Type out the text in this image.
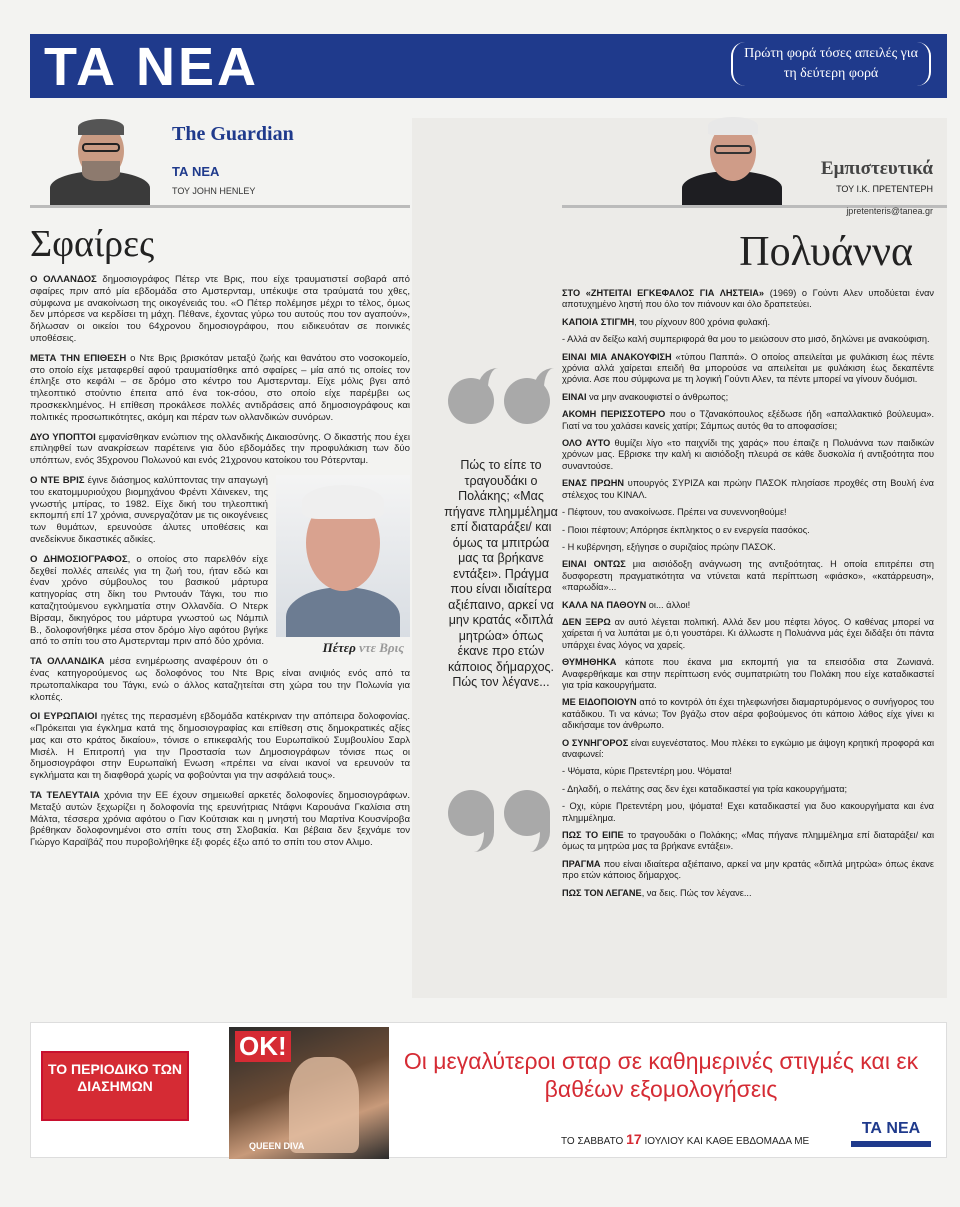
ΤΑ ΝΕΑ	Πρώτη φορά τόσες απειλές για τη δεύτερη φορά
The Guardian
ΤΑ ΝΕΑ
ΤΟΥ JOHN HENLEY
Σφαίρες

Ο ΟΛΛΑΝΔΟΣ δημοσιογράφος Πέτερ ντε Βρις, που είχε τραυματιστεί σοβαρά από σφαίρες πριν από μία εβδομάδα στο Αμστερνταμ, υπέκυψε στα τραύματά του χθες, σύμφωνα με ανακοίνωση της οικογένειάς του. «Ο Πέτερ πολέμησε μέχρι το τέλος, όμως δεν μπόρεσε να κερδίσει τη μάχη. Πέθανε, έχοντας γύρω του αυτούς που τον αγαπούν», δήλωσαν οι οικείοι του 64χρονου δημοσιογράφου, που ειδικευόταν σε ποινικές υποθέσεις.

ΜΕΤΑ ΤΗΝ ΕΠΙΘΕΣΗ ο Ντε Βρις βρισκόταν μεταξύ ζωής και θανάτου στο νοσοκομείο, στο οποίο είχε μεταφερθεί αφού τραυματίσθηκε από σφαίρες – μία από τις οποίες τον έπληξε στο κεφάλι – σε δρόμο στο κέντρο του Αμστερνταμ. Είχε μόλις βγει από τηλεοπτικό στούντιο έπειτα από ένα τοκ-σόου, στο οποίο είχε παρέμβει ως προσκεκλημένος. Η επίθεση προκάλεσε πολλές αντιδράσεις από δημοσιογράφους και πολιτικές προσωπικότητες, ακόμη και πέραν των ολλανδικών συνόρων.

ΔΥΟ ΥΠΟΠΤΟΙ εμφανίσθηκαν ενώπιον της ολλανδικής Δικαιοσύνης. Ο δικαστής που έχει επιληφθεί των ανακρίσεων παρέτεινε για δύο εβδομάδες την προφυλάκιση των δύο υπόπτων, ενός 35χρονου Πολωνού και ενός 21χρονου κατοίκου του Ρότερνταμ.

Πέτερ ντε Βρις

Ο ΝΤΕ ΒΡΙΣ έγινε διάσημος καλύπτοντας την απαγωγή του εκατομμυριούχου βιομηχάνου Φρέντι Χάινεκεν, της γνωστής μπίρας, το 1982. Είχε δική του τηλεοπτική εκπομπή επί 17 χρόνια, συνεργαζόταν με τις οικογένειες των θυμάτων, ερευνούσε άλυτες υποθέσεις και ανεδείκνυε δικαστικές αδικίες.

Ο ΔΗΜΟΣΙΟΓΡΑΦΟΣ, ο οποίος στο παρελθόν είχε δεχθεί πολλές απειλές για τη ζωή του, ήταν εδώ και έναν χρόνο σύμβουλος του βασικού μάρτυρα κατηγορίας στη δίκη του Ριντουάν Τάγκι, του πιο καταζητούμενου εγκληματία στην Ολλανδία. Ο Ντερκ Βίρσαμ, δικηγόρος του μάρτυρα γνωστού ως Νάμπιλ Β., δολοφονήθηκε μέσα στον δρόμο λίγο αφότου βγήκε από το σπίτι του στο Αμστερνταμ πριν από δύο χρόνια.

ΤΑ ΟΛΛΑΝΔΙΚΑ μέσα ενημέρωσης αναφέρουν ότι ο ένας κατηγορούμενος ως δολοφόνος του Ντε Βρις είναι ανιψιός ενός από τα πρωτοπαλίκαρα του Τάγκι, ενώ ο άλλος καταζητείται στη χώρα του την Πολωνία για κλοπές.

ΟΙ ΕΥΡΩΠΑΙΟΙ ηγέτες της περασμένη εβδομάδα κατέκριναν την απόπειρα δολοφονίας. «Πρόκειται για έγκλημα κατά της δημοσιογραφίας και επίθεση στις δημοκρατικές αξίες μας και στο κράτος δικαίου», τόνισε ο επικεφαλής του Ευρωπαϊκού Συμβουλίου Σαρλ Μισέλ. Η Επιτροπή για την Προστασία των Δημοσιογράφων τόνισε πως οι δημοσιογράφοι στην Ευρωπαϊκή Ενωση «πρέπει να είναι ικανοί να ερευνούν τα εγκλήματα και τη διαφθορά χωρίς να φοβούνται για την ασφάλειά τους».

ΤΑ ΤΕΛΕΥΤΑΙΑ χρόνια την ΕΕ έχουν σημειωθεί αρκετές δολοφονίες δημοσιογράφων. Μεταξύ αυτών ξεχωρίζει η δολοφονία της ερευνήτριας Ντάφνι Καρουάνα Γκαλίσια στη Μάλτα, τέσσερα χρόνια αφότου ο Γιαν Κούτσιακ και η μνηστή του Μαρτίνα Κουσνίρoβα βρέθηκαν δολοφονημένοι στο σπίτι τους στη Σλοβακία. Και βέβαια δεν ξεχνάμε τον Γιώργο Καραϊβάζ που πυροβολήθηκε έξι φορές έξω από το σπίτι του στον Αλιμο.

Εμπιστευτικά
ΤΟΥ Ι.Κ. ΠΡΕΤΕΝΤΕΡΗ
jpretenteris@tanea.gr
Πολυάννα
Πώς το είπε το τραγουδάκι ο Πολάκης; «Μας πήγανε πλημμέλημα επί διαταράξει/ και όμως τα μπιτρώα μας τα βρήκανε εντάξει». Πράγμα που είναι ιδιαίτερα αξιέπαινο, αρκεί να μην κρατάς «διπλά μητρώα» όπως έκανε προ ετών κάποιος δήμαρχος. Πώς τον λέγανε...

ΣΤΟ «ΖΗΤΕΙΤΑΙ ΕΓΚΕΦΑΛΟΣ ΓΙΑ ΛΗΣΤΕΙΑ» (1969) ο Γούντι Αλεν υποδύεται έναν αποτυχημένο ληστή που όλο τον πιάνουν και όλο δραπετεύει.

ΚΑΠΟΙΑ ΣΤΙΓΜΗ, του ρίχνουν 800 χρόνια φυλακή.

- Αλλά αν δείξω καλή συμπεριφορά θα μου το μειώσουν στο μισό, δηλώνει με ανακούφιση.

ΕΙΝΑΙ ΜΙΑ ΑΝΑΚΟΥΦΙΣΗ «τύπου Παππά». Ο οποίος απειλείται με φυλάκιση έως πέντε χρόνια αλλά χαίρεται επειδή θα μπορούσε να απειλείται με φυλάκιση έως δεκαπέντε χρόνια. Ασε που σύμφωνα με τη λογική Γούντι Αλεν, τα πέντε μπορεί να γίνουν δυόμισι.

ΕΙΝΑΙ να μην ανακουφιστεί ο άνθρωπος;

ΑΚΟΜΗ ΠΕΡΙΣΣΟΤΕΡΟ που ο Τζανακόπουλος εξέδωσε ήδη «απαλλακτικό βούλευμα». Γιατί να του χαλάσει κανείς χατίρι; Σάμπως αυτός θα το αποφασίσει;

ΟΛΟ ΑΥΤΟ θυμίζει λίγο «το παιχνίδι της χαράς» που έπαιζε η Πολυάννα των παιδικών χρόνων μας. Εβρισκε την καλή κι αισιόδοξη πλευρά σε κάθε δυσκολία ή αντιξοότητα που συναντούσε.

ΕΝΑΣ ΠΡΩΗΝ υπουργός ΣΥΡΙΖΑ και πρώην ΠΑΣΟΚ πλησίασε προχθές στη Βουλή ένα στέλεχος του ΚΙΝΑΛ.

- Πέφτουν, του ανακοίνωσε. Πρέπει να συνεννοηθούμε!

- Ποιοι πέφτουν; Απόρησε έκπληκτος ο εν ενεργεία πασόκος.

- Η κυβέρνηση, εξήγησε ο συριζαίος πρώην ΠΑΣΟΚ.

ΕΙΝΑΙ ΟΝΤΩΣ μια αισιόδοξη ανάγνωση της αντιξοότητας. Η οποία επιτρέπει στη δυσφορεστη πραγματικότητα να ντύνεται κατά περίπτωση «φιάσκο», «κατάρρευση», «παρωδία»...

ΚΑΛΑ ΝΑ ΠΑΘΟΥΝ οι... άλλοι!

ΔΕΝ ΞΕΡΩ αν αυτό λέγεται πολιτική. Αλλά δεν μου πέφτει λόγος. Ο καθένας μπορεί να χαίρεται ή να λυπάται με ό,τι γουστάρει. Κι άλλωστε η Πολυάννα μάς έχει διδάξει ότι πάντα υπάρχει ένας λόγος να χαρείς.

ΘΥΜΗΘΗΚΑ κάποτε που έκανα μια εκπομπή για τα επεισόδια στα Ζωνιανά. Αναφερθήκαμε και στην περίπτωση ενός συμπατριώτη του Πολάκη που είχε καταδικαστεί για τρία κακουργήματα.

ΜΕ ΕΙΔΟΠΟΙΟΥΝ από το κοντρόλ ότι έχει τηλεφωνήσει διαμαρτυρόμενος ο συνήγορος του κατάδικου. Τι να κάνω; Τον βγάζω στον αέρα φοβούμενος ότι κάποιο λάθος είχε γίνει κι αδικήσαμε τον άνθρωπο.

Ο ΣΥΝΗΓΟΡΟΣ είναι ευγενέστατος. Μου πλέκει το εγκώμιο με άψογη κρητική προφορά και αναφωνεί:

- Ψόματα, κύριε Πρετεντέρη μου. Ψόματα!

- Δηλαδή, ο πελάτης σας δεν έχει καταδικαστεί για τρία κακουργήματα;

- Οχι, κύριε Πρετεντέρη μου, ψόματα! Εχει καταδικαστεί για δυο κακουργήματα και ένα πλημμέλημα.

ΠΩΣ ΤΟ ΕΙΠΕ το τραγουδάκι ο Πολάκης; «Μας πήγανε πλημμέλημα επί διαταράξει/ και όμως τα μητρώα μας τα βρήκανε εντάξει».

ΠΡΑΓΜΑ που είναι ιδιαίτερα αξιέπαινο, αρκεί να μην κρατάς «διπλά μητρώα» όπως έκανε προ ετών κάποιος δήμαρχος.

ΠΩΣ ΤΟΝ ΛΕΓΑΝΕ, να δεις. Πώς τον λέγανε...

ΤΟ ΠΕΡΙΟΔΙΚΟ ΤΩΝ ΔΙΑΣΗΜΩΝ
OK!
QUEEN DIVA
Οι μεγαλύτεροι σταρ σε καθημερινές στιγμές και εκ βαθέων εξομολογήσεις
ΤΟ ΣΑΒΒΑΤΟ 17 ΙΟΥΛΙΟΥ ΚΑΙ ΚΑΘΕ ΕΒΔΟΜΑΔΑ ΜΕ
ΤΑ ΝΕΑ
